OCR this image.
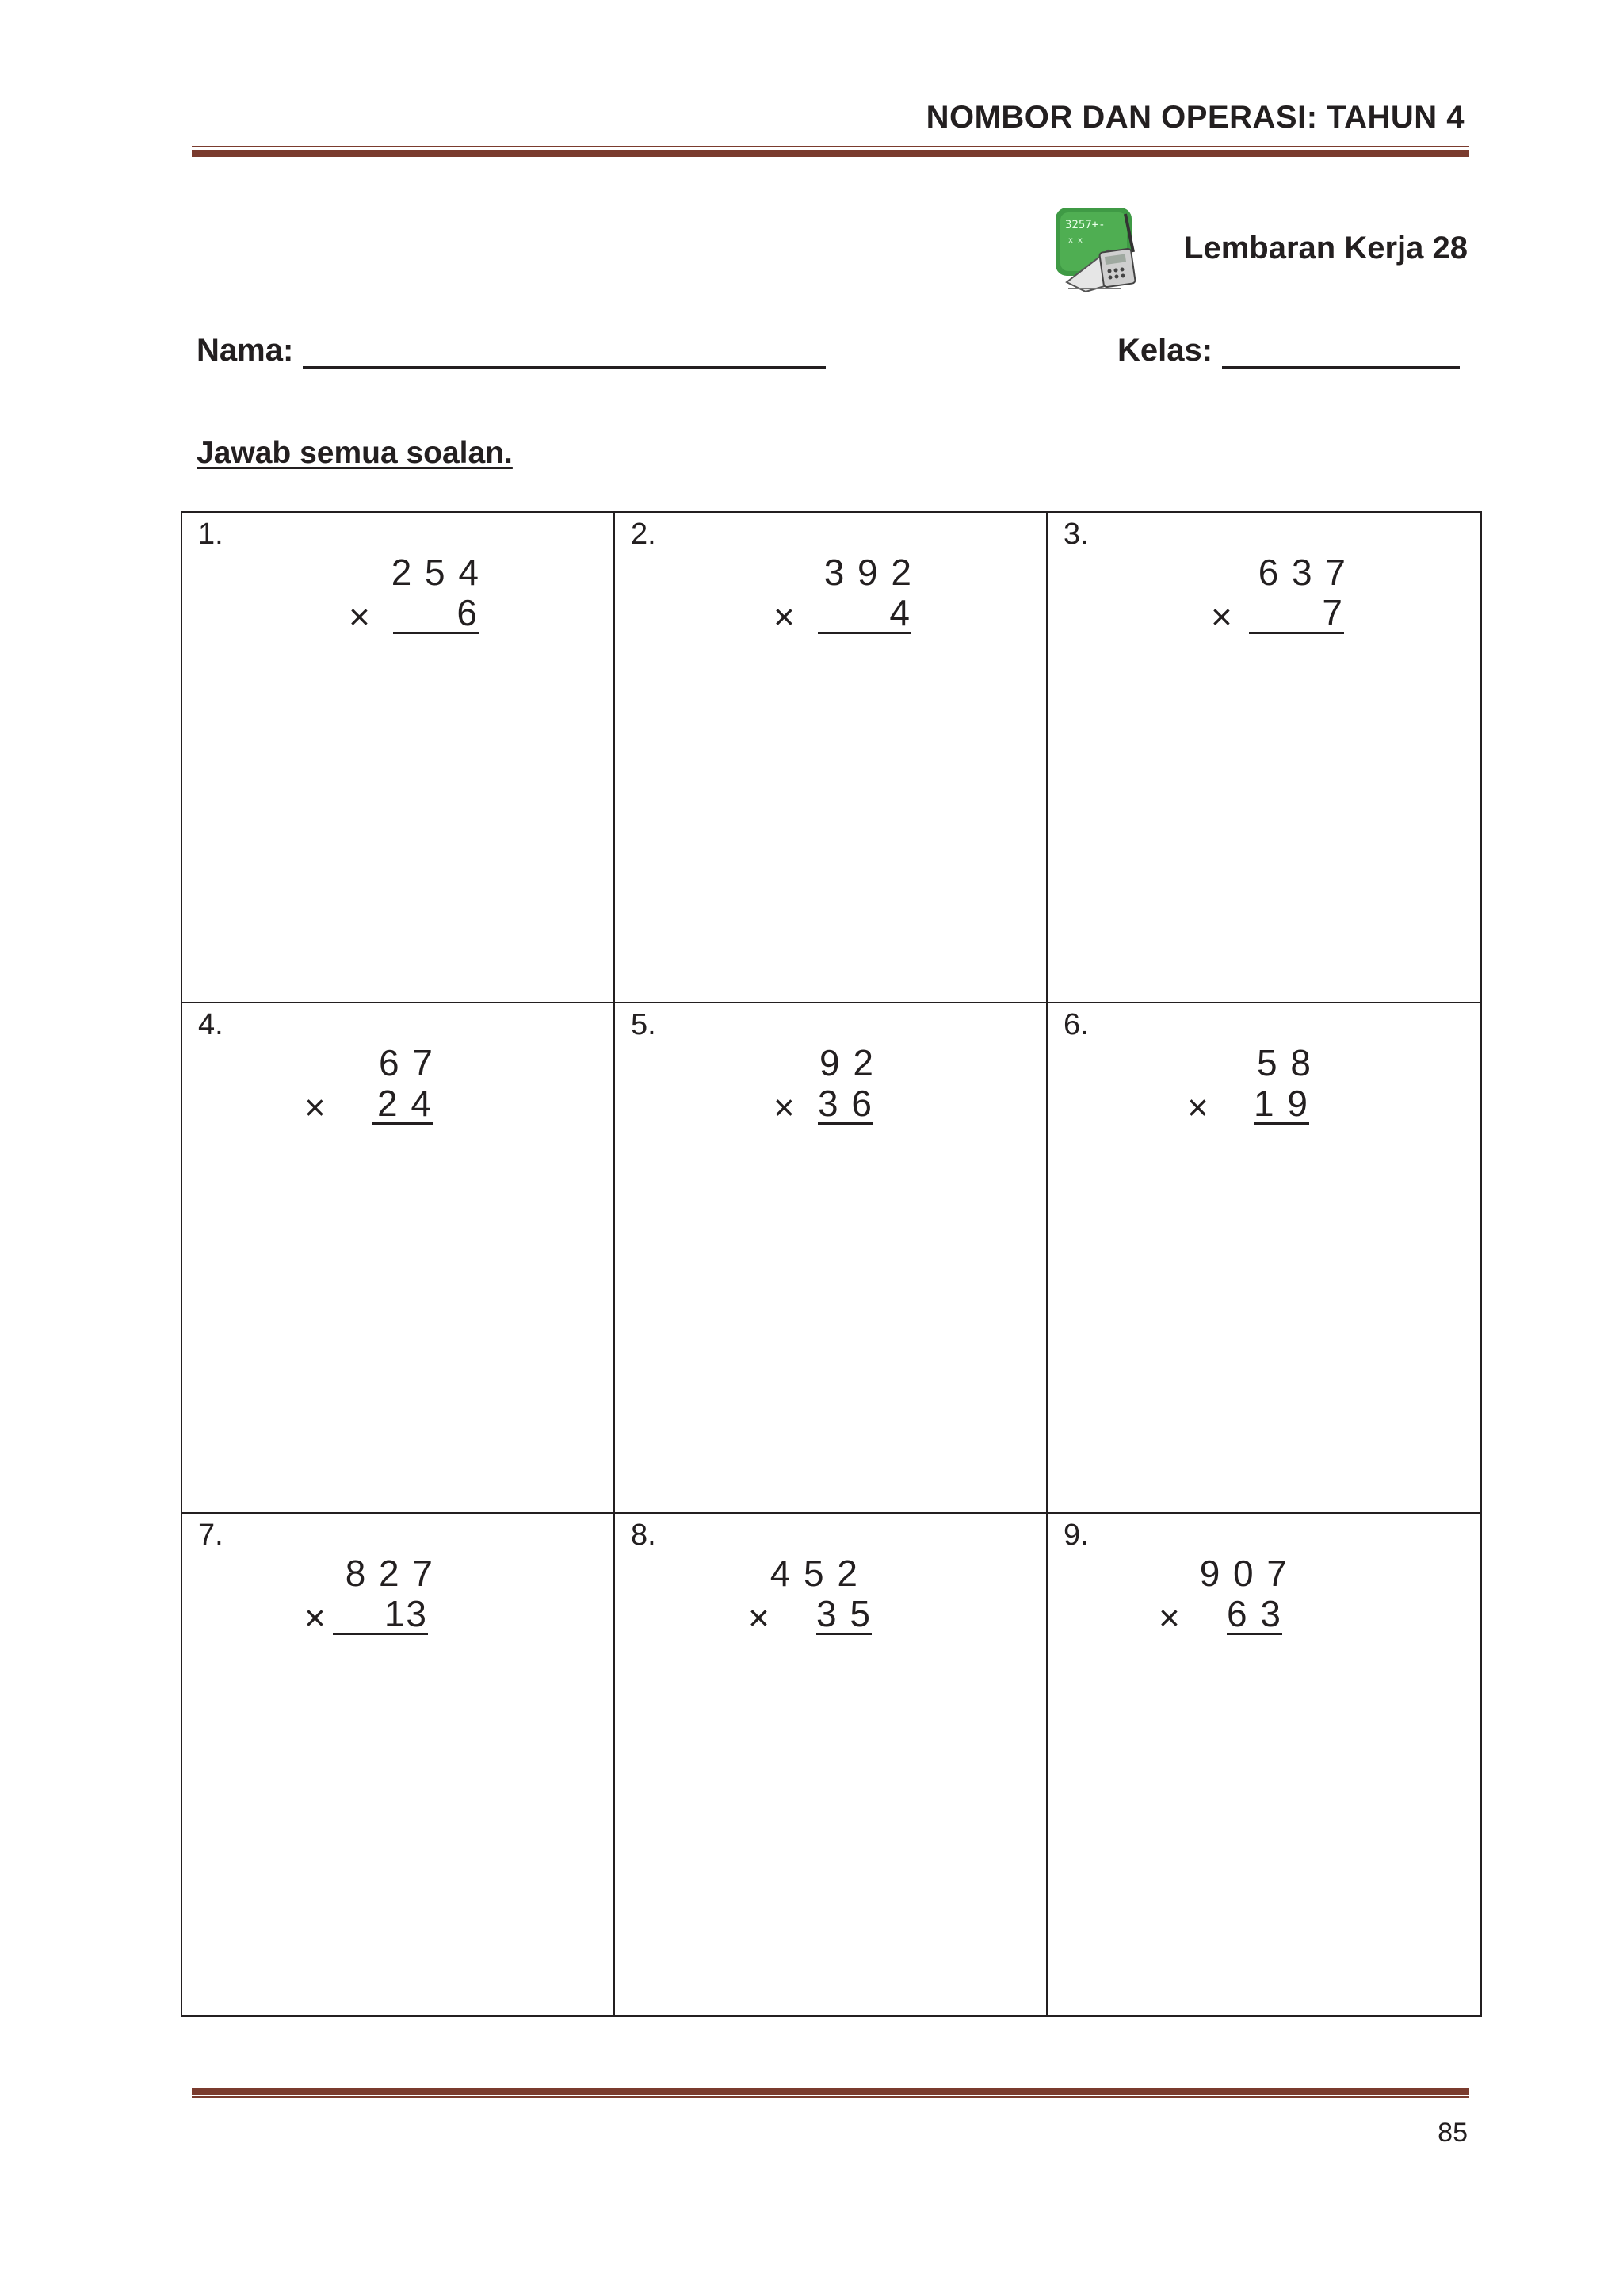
NOMBOR DAN OPERASI: TAHUN 4
3257+-
x x	Lembaran Kerja 28
Nama:	Kelas:
Jawab semua soalan.
1.
2 5 4
×	6
2.
3 9 2
×	4
3.
6 3 7
×	7
4.
6 7
× 2 4
5.
9 2
× 3 6
6.
5 8
× 1 9
7.
8 2 7
×	13
8.
4 5 2
× 3 5
9.
9 0 7
× 6 3
85
